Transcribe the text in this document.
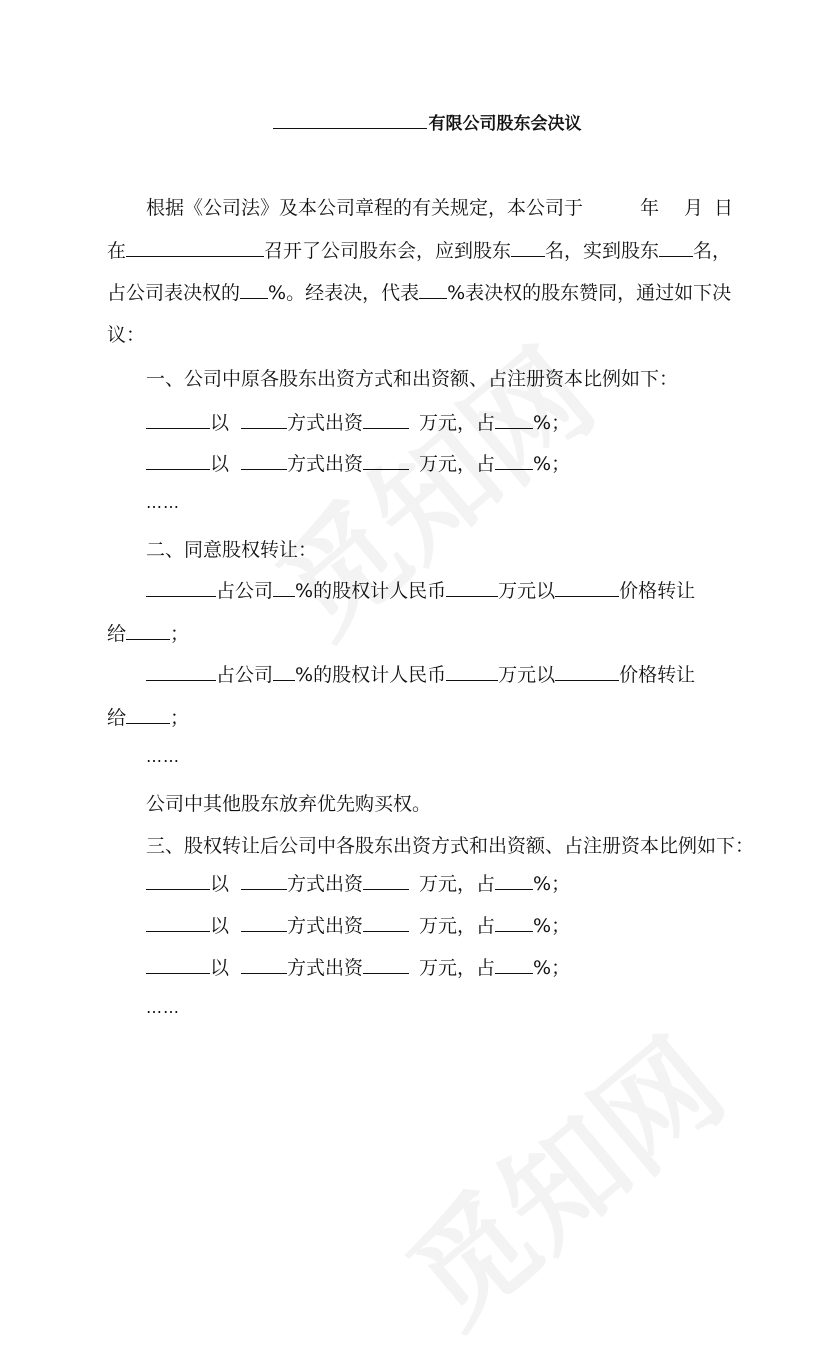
有限公司股东会决议
根据《公司法》及本公司章程的有关规定，本公司于	年 月 日
在	召开了公司股东会，应到股东 名，实到股东 名，
占公司表决权的 %。经表决，代表 %表决权的股东赞同，通过如下决
议：
一、公司中原各股东出资方式和出资额、占注册资本比例如下：
以	方式出资	万元，占 %；
以	方式出资	万元，占 %；
……
二、同意股权转让：
占公司 %的股权计人民币	万元以	价格转让
给 ；
占公司 %的股权计人民币	万元以	价格转让
给 ；
……
公司中其他股东放弃优先购买权。
三、股权转让后公司中各股东出资方式和出资额、占注册资本比例如下：
以	方式出资	万元，占 %；
以	方式出资	万元，占 %；
以	方式出资	万元，占 %；
……
